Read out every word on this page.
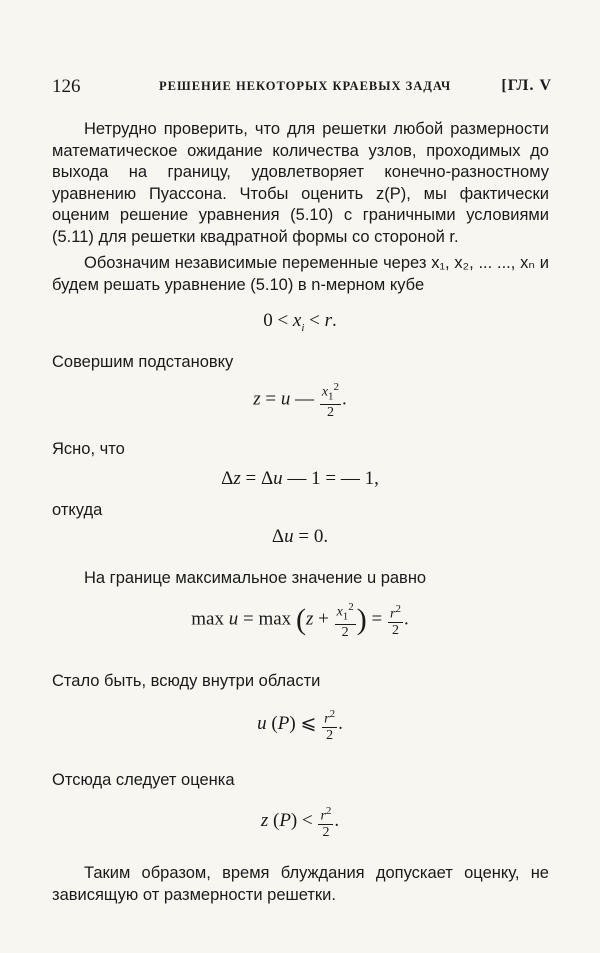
126	РЕШЕНИЕ НЕКОТОРЫХ КРАЕВЫХ ЗАДАЧ	[ГЛ. V

Нетрудно проверить, что для решетки любой размерности математическое ожидание количества узлов, проходимых до выхода на границу, удовлетворяет конечно-разностному уравнению Пуассона. Чтобы оценить z(P), мы фактически оценим решение уравнения (5.10) с граничными условиями (5.11) для решетки квадратной формы со стороной r.

Обозначим независимые переменные через x₁, x₂, ... ..., xₙ и будем решать уравнение (5.10) в n-мерном кубе

$0 < x_i < r$.

Совершим подстановку

z = u — $\frac{x_1^2}{2}$ .

Ясно, что

Δz = Δu — 1 = — 1,

откуда

Δu = 0.

На границе максимальное значение u равно

$\max u = \max (z + \frac{x_1^2}{2}$ ) = $\frac{r^2}{2}$ .

Стало быть, всюду внутри области

u (P) ⩽ $\frac{r^2}{2}$ .

Отсюда следует оценка

z $(P) < \frac{r^2}{2}$ .

Таким образом, время блуждания допускает оценку, не зависящую от размерности решетки.
